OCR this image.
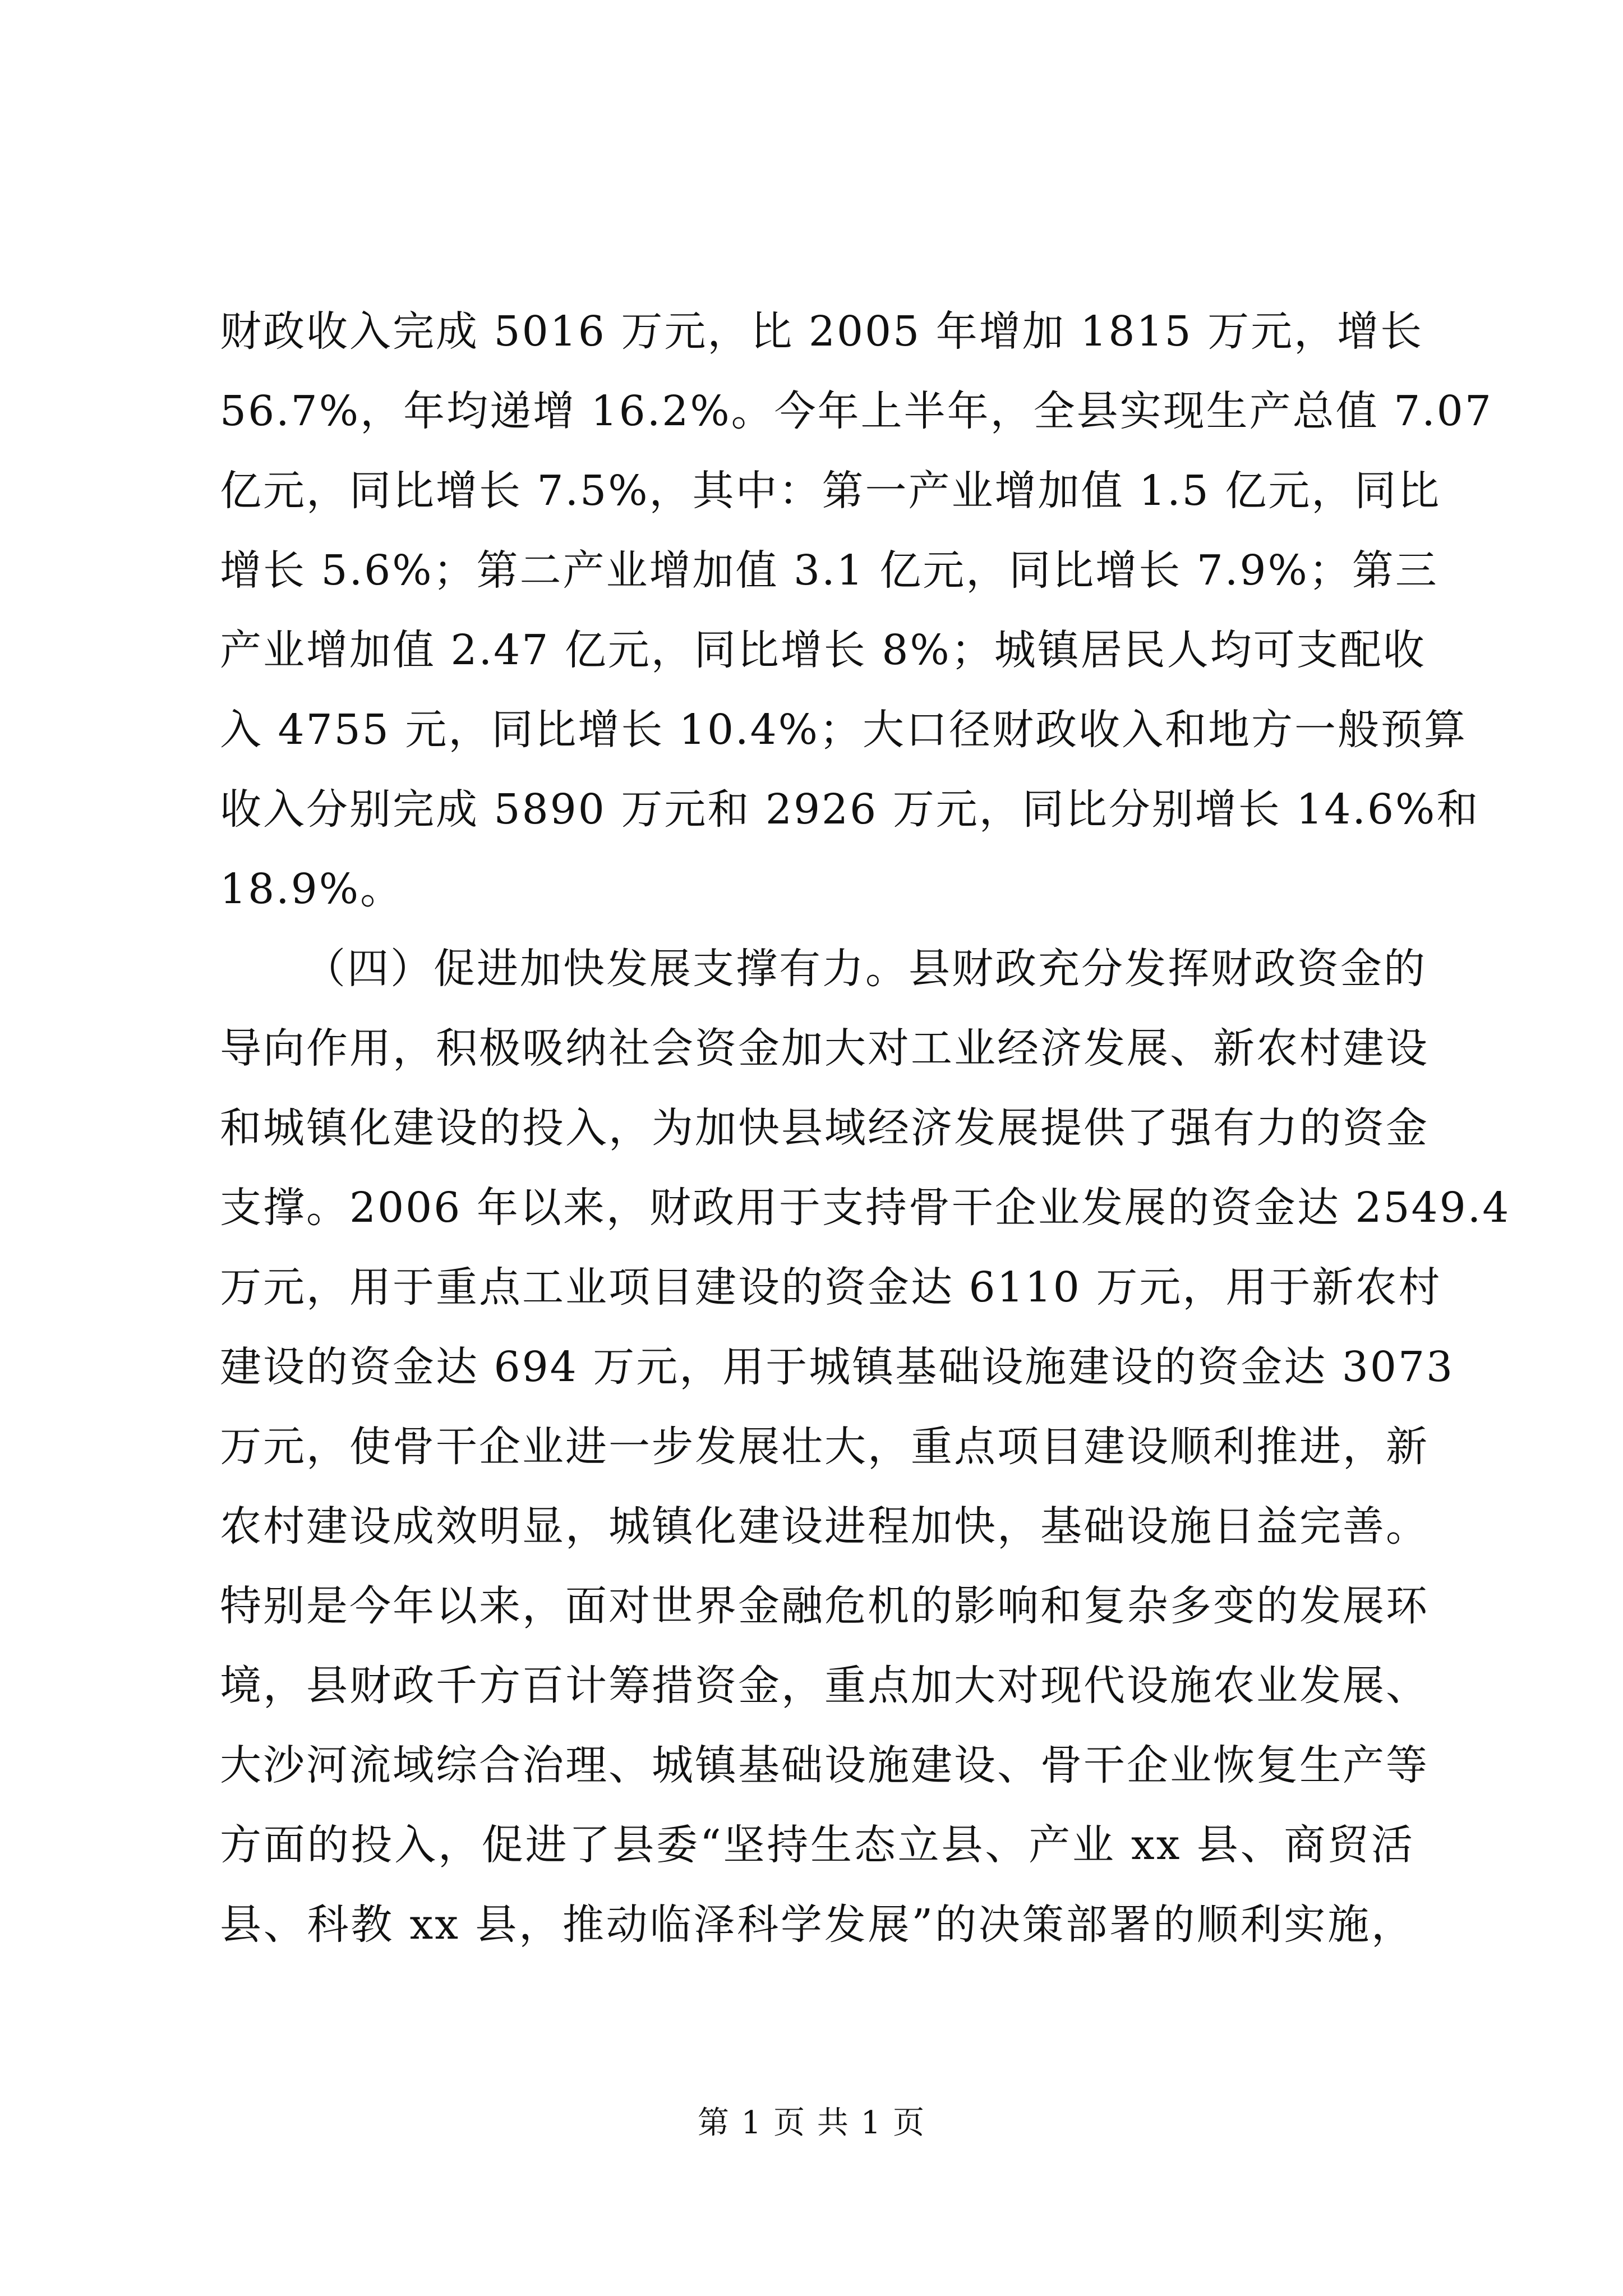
财政收入完成 5016 万元，比 2005 年增加 1815 万元，增长
56.7%，年均递增 16.2%。今年上半年，全县实现生产总值 7.07
亿元，同比增长 7.5%，其中：第一产业增加值 1.5 亿元，同比
增长 5.6%；第二产业增加值 3.1 亿元，同比增长 7.9%；第三
产业增加值 2.47 亿元，同比增长 8%；城镇居民人均可支配收
入 4755 元，同比增长 10.4%；大口径财政收入和地方一般预算
收入分别完成 5890 万元和 2926 万元，同比分别增长 14.6%和
18.9%。
（四）促进加快发展支撑有力。县财政充分发挥财政资金的
导向作用，积极吸纳社会资金加大对工业经济发展、新农村建设
和城镇化建设的投入，为加快县域经济发展提供了强有力的资金
支撑。2006 年以来，财政用于支持骨干企业发展的资金达 2549.4
万元，用于重点工业项目建设的资金达 6110 万元，用于新农村
建设的资金达 694 万元，用于城镇基础设施建设的资金达 3073
万元，使骨干企业进一步发展壮大，重点项目建设顺利推进，新
农村建设成效明显，城镇化建设进程加快，基础设施日益完善。
特别是今年以来，面对世界金融危机的影响和复杂多变的发展环
境，县财政千方百计筹措资金，重点加大对现代设施农业发展、
大沙河流域综合治理、城镇基础设施建设、骨干企业恢复生产等
方面的投入，促进了县委“坚持生态立县、产业 xx 县、商贸活
县、科教 xx 县，推动临泽科学发展”的决策部署的顺利实施，
第 1 页 共 1 页
